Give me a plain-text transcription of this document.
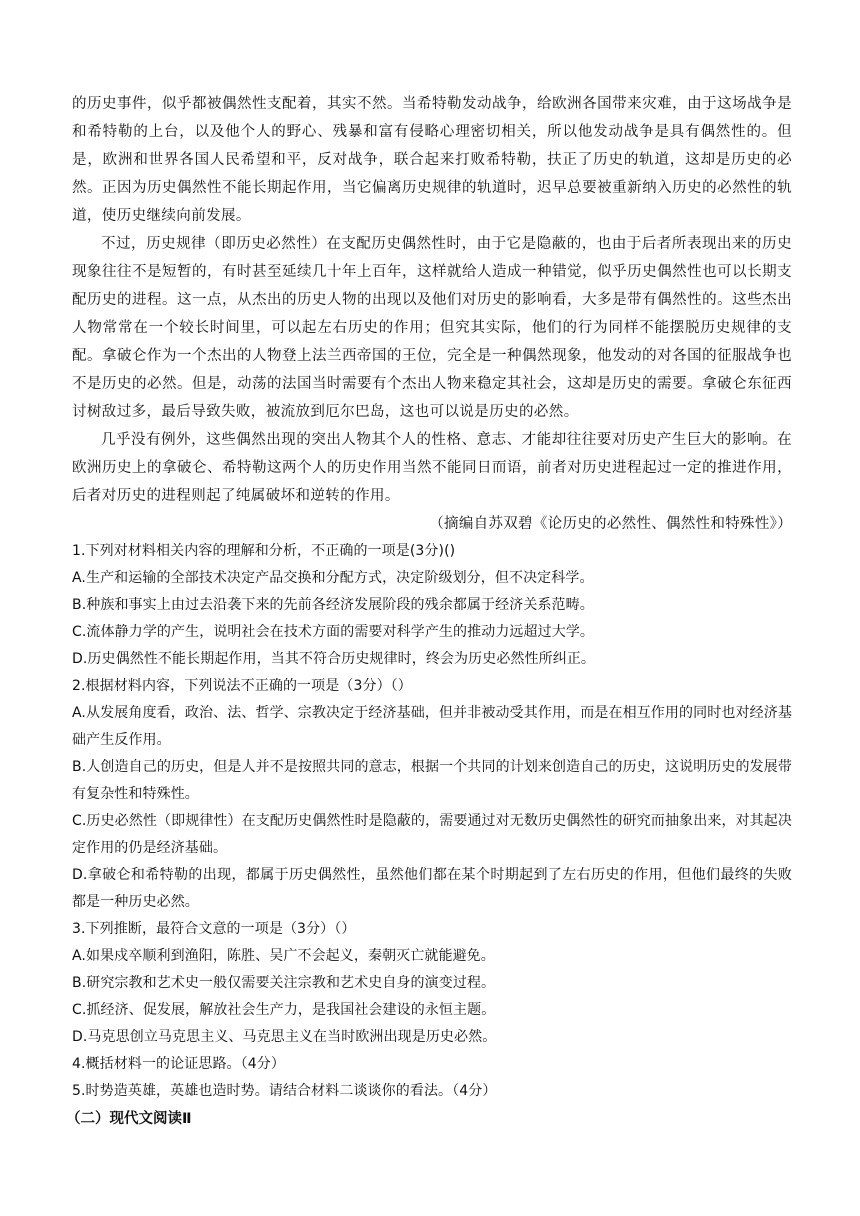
的历史事件，似乎都被偶然性支配着，其实不然。当希特勒发动战争，给欧洲各国带来灾难，由于这场战争是和希特勒的上台，以及他个人的野心、残暴和富有侵略心理密切相关，所以他发动战争是具有偶然性的。但是，欧洲和世界各国人民希望和平，反对战争，联合起来打败希特勒，扶正了历史的轨道，这却是历史的必然。正因为历史偶然性不能长期起作用，当它偏离历史规律的轨道时，迟早总要被重新纳入历史的必然性的轨道，使历史继续向前发展。

不过，历史规律（即历史必然性）在支配历史偶然性时，由于它是隐蔽的，也由于后者所表现出来的历史现象往往不是短暂的，有时甚至延续几十年上百年，这样就给人造成一种错觉，似乎历史偶然性也可以长期支配历史的进程。这一点，从杰出的历史人物的出现以及他们对历史的影响看，大多是带有偶然性的。这些杰出人物常常在一个较长时间里，可以起左右历史的作用；但究其实际，他们的行为同样不能摆脱历史规律的支配。拿破仑作为一个杰出的人物登上法兰西帝国的王位，完全是一种偶然现象，他发动的对各国的征服战争也不是历史的必然。但是，动荡的法国当时需要有个杰出人物来稳定其社会，这却是历史的需要。拿破仑东征西讨树敌过多，最后导致失败，被流放到厄尔巴岛，这也可以说是历史的必然。

几乎没有例外，这些偶然出现的突出人物其个人的性格、意志、才能却往往要对历史产生巨大的影响。在欧洲历史上的拿破仑、希特勒这两个人的历史作用当然不能同日而语，前者对历史进程起过一定的推进作用，后者对历史的进程则起了纯属破坏和逆转的作用。

（摘编自苏双碧《论历史的必然性、偶然性和特殊性》）

1.下列对材料相关内容的理解和分析，不正确的一项是(3分)()

A.生产和运输的全部技术决定产品交换和分配方式，决定阶级划分，但不决定科学。

B.种族和事实上由过去沿袭下来的先前各经济发展阶段的残余都属于经济关系范畴。

C.流体静力学的产生，说明社会在技术方面的需要对科学产生的推动力远超过大学。

D.历史偶然性不能长期起作用，当其不符合历史规律时，终会为历史必然性所纠正。

2.根据材料内容，下列说法不正确的一项是（3分）（）

A.从发展角度看，政治、法、哲学、宗教决定于经济基础，但并非被动受其作用，而是在相互作用的同时也对经济基础产生反作用。

B.人创造自己的历史，但是人并不是按照共同的意志，根据一个共同的计划来创造自己的历史，这说明历史的发展带有复杂性和特殊性。

C.历史必然性（即规律性）在支配历史偶然性时是隐蔽的，需要通过对无数历史偶然性的研究而抽象出来，对其起决定作用的仍是经济基础。

D.拿破仑和希特勒的出现，都属于历史偶然性，虽然他们都在某个时期起到了左右历史的作用，但他们最终的失败都是一种历史必然。

3.下列推断，最符合文意的一项是（3分）（）

A.如果戍卒顺利到渔阳，陈胜、吴广不会起义，秦朝灭亡就能避免。

B.研究宗教和艺术史一般仅需要关注宗教和艺术史自身的演变过程。

C.抓经济、促发展，解放社会生产力，是我国社会建设的永恒主题。

D.马克思创立马克思主义、马克思主义在当时欧洲出现是历史必然。

4.概括材料一的论证思路。（4分）

5.时势造英雄，英雄也造时势。请结合材料二谈谈你的看法。（4分）

（二）现代文阅读Ⅱ
